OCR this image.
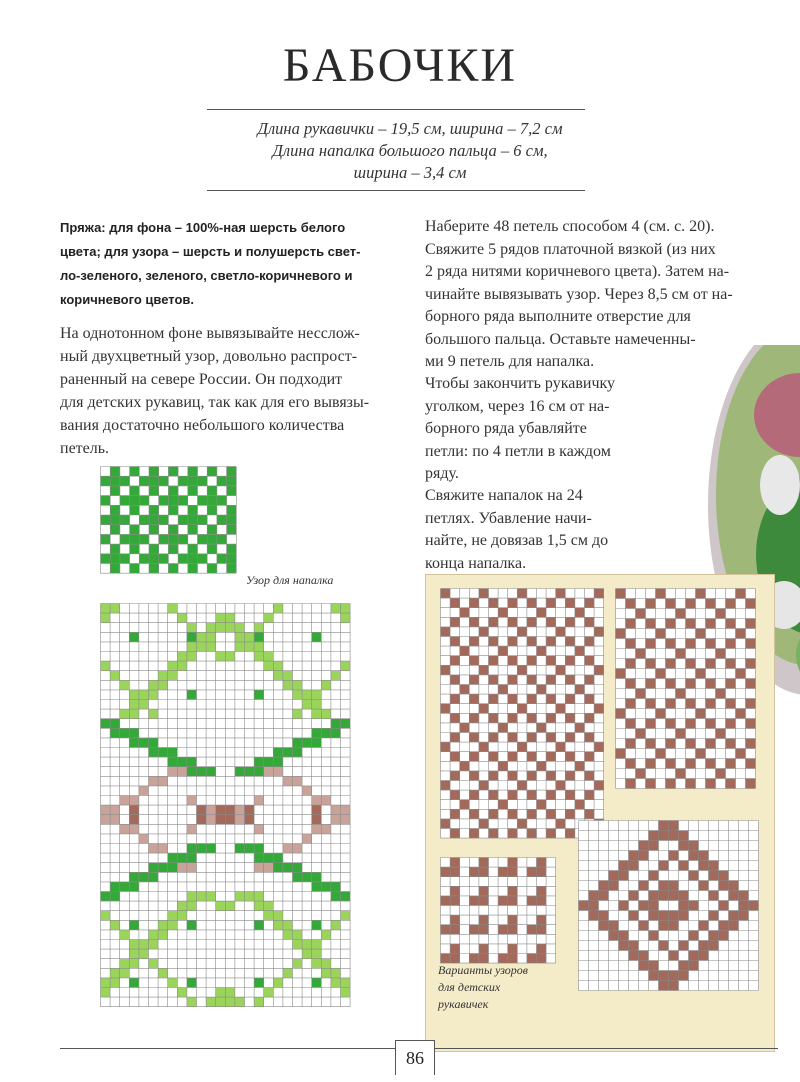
БАБОЧКИ
Длина рукавички – 19,5 см, ширина – 7,2 см
Длина напалка большого пальца – 6 см,
ширина – 3,4 см
Пряжа: для фона – 100%-ная шерсть белого
цвета; для узора – шерсть и полушерсть свет-
ло-зеленого, зеленого, светло-коричневого и
коричневого цветов.
На однотонном фоне вывязывайте несслож-
ный двухцветный узор, довольно распрост-
раненный на севере России. Он подходит
для детских рукавиц, так как для его вывязы-
вания достаточно небольшого количества
петель.
Наберите 48 петель способом 4 (см. с. 20).
Свяжите 5 рядов платочной вязкой (из них
2 ряда нитями коричневого цвета). Затем на-
чинайте вывязывать узор. Через 8,5 см от на-
борного ряда выполните отверстие для
большого пальца. Оставьте намеченны-
ми 9 петель для напалка.
Чтобы закончить рукавичку
уголком, через 16 см от на-
борного ряда убавляйте
петли: по 4 петли в каждом
ряду.
Свяжите напалок на 24
петлях. Убавление начи-
найте, не довязав 1,5 см до
конца напалка.
Узор для напалка
Варианты узоров
для детских
рукавичек
86
